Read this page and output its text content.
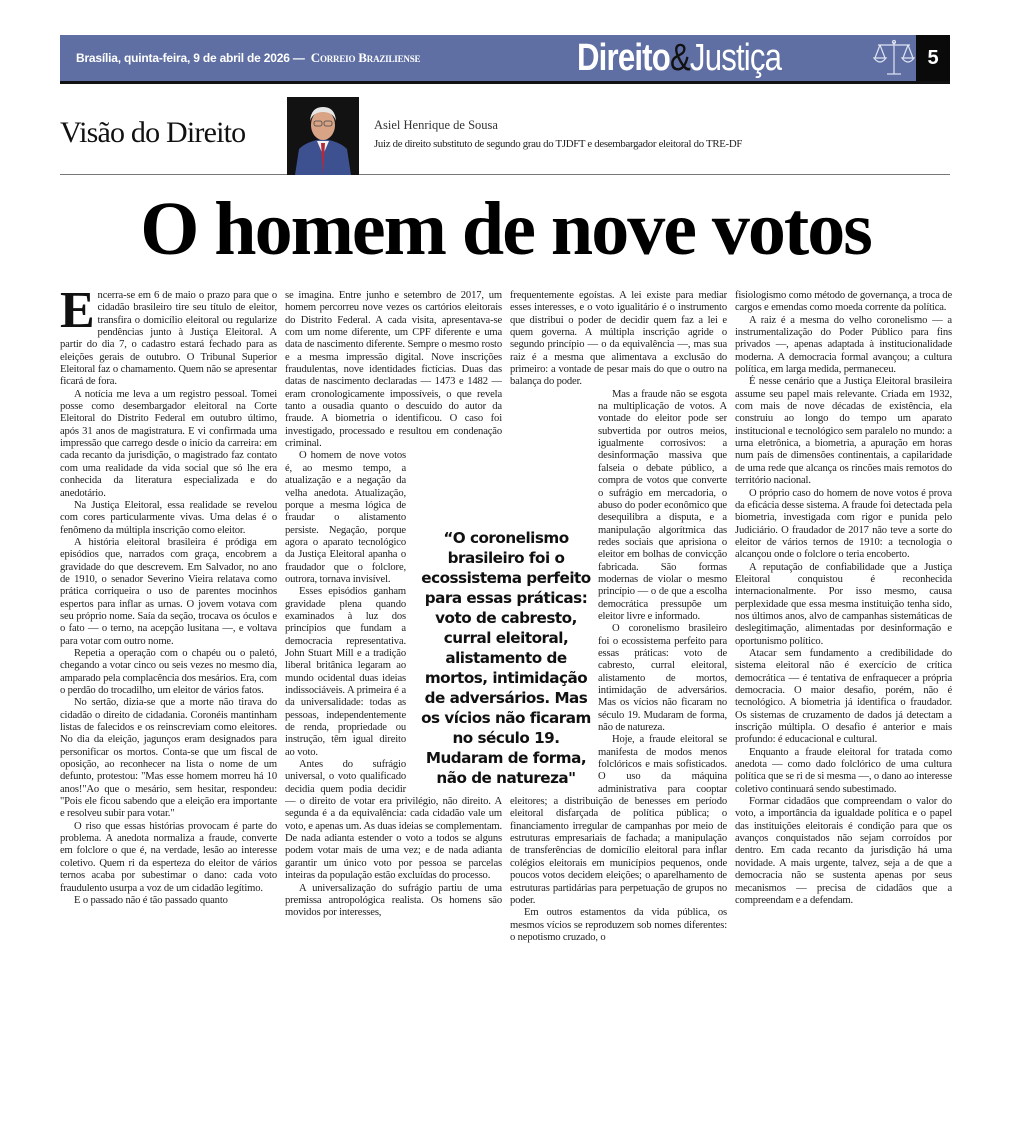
Brasília, quinta-feira, 9 de abril de 2026 — Correio Braziliense	Direito&Justiça	5
Visão do Direito	Asiel Henrique de Sousa
Juiz de direito substituto de segundo grau do TJDFT e desembargador eleitoral do TRE-DF
O homem de nove votos

Encerra-se em 6 de maio o prazo para que o cidadão brasileiro tire seu título de eleitor, transfira o domicílio eleitoral ou regularize pendências junto à Justiça Eleitoral. A partir do dia 7, o cadastro estará fechado para as eleições gerais de outubro. O Tribunal Superior Eleitoral faz o chamamento. Quem não se apresentar ficará de fora.

A notícia me leva a um registro pessoal. Tomei posse como desembargador eleitoral na Corte Eleitoral do Distrito Federal em outubro último, após 31 anos de magistratura. E vi confirmada uma impressão que carrego desde o início da carreira: em cada recanto da jurisdição, o magistrado faz contato com uma realidade da vida social que só lhe era conhecida da literatura especializada e do anedotário.

Na Justiça Eleitoral, essa realidade se revelou com cores particularmente vivas. Uma delas é o fenômeno da múltipla inscrição como eleitor.

A história eleitoral brasileira é pródiga em episódios que, narrados com graça, encobrem a gravidade do que descrevem. Em Salvador, no ano de 1910, o senador Severino Vieira relatava como prática corriqueira o uso de parentes mocinhos espertos para inflar as urnas. O jovem votava com seu próprio nome. Saía da seção, trocava os óculos e o fato — o terno, na acepção lusitana —, e voltava para votar com outro nome.

Repetia a operação com o chapéu ou o paletó, chegando a votar cinco ou seis vezes no mesmo dia, amparado pela complacência dos mesários. Era, com o perdão do trocadilho, um eleitor de vários fatos.

No sertão, dizia-se que a morte não tirava do cidadão o direito de cidadania. Coronéis mantinham listas de falecidos e os reinscreviam como eleitores. No dia da eleição, jagunços eram designados para personificar os mortos. Conta-se que um fiscal de oposição, ao reconhecer na lista o nome de um defunto, protestou: "Mas esse homem morreu há 10 anos!"Ao que o mesário, sem hesitar, respondeu: "Pois ele ficou sabendo que a eleição era importante e resolveu subir para votar."

O riso que essas histórias provocam é parte do problema. A anedota normaliza a fraude, converte em folclore o que é, na verdade, lesão ao interesse coletivo. Quem ri da esperteza do eleitor de vários ternos acaba por subestimar o dano: cada voto fraudulento usurpa a voz de um cidadão legítimo.

E o passado não é tão passado quanto

se imagina. Entre junho e setembro de 2017, um homem percorreu nove vezes os cartórios eleitorais do Distrito Federal. A cada visita, apresentava-se com um nome diferente, um CPF diferente e uma data de nascimento diferente. Sempre o mesmo rosto e a mesma impressão digital. Nove inscrições fraudulentas, nove identidades fictícias. Duas das datas de nascimento declaradas — 1473 e 1482 — eram cronologicamente impossíveis, o que revela tanto a ousadia quanto o descuido do autor da fraude. A biometria o identificou. O caso foi investigado, processado e resultou em condenação criminal.

O homem de nove votos é, ao mesmo tempo, a atualização e a negação da velha anedota. Atualização, porque a mesma lógica de fraudar o alistamento persiste. Negação, porque agora o aparato tecnológico da Justiça Eleitoral apanha o fraudador que o folclore, outrora, tornava invisível.

Esses episódios ganham gravidade plena quando examinados à luz dos princípios que fundam a democracia representativa. John Stuart Mill e a tradição liberal britânica legaram ao mundo ocidental duas ideias indissociáveis. A primeira é a da universalidade: todas as pessoas, independentemente de renda, propriedade ou instrução, têm igual direito ao voto.

Antes do sufrágio universal, o voto qualificado decidia quem podia decidir — o direito de votar era privilégio, não direito. A segunda é a da equivalência: cada cidadão vale um voto, e apenas um. As duas ideias se complementam. De nada adianta estender o voto a todos se alguns podem votar mais de uma vez; e de nada adianta garantir um único voto por pessoa se parcelas inteiras da população estão excluídas do processo.

A universalização do sufrágio partiu de uma premissa antropológica realista. Os homens são movidos por interesses,

frequentemente egoístas. A lei existe para mediar esses interesses, e o voto igualitário é o instrumento que distribui o poder de decidir quem faz a lei e quem governa. A múltipla inscrição agride o segundo princípio — o da equivalência —, mas sua raiz é a mesma que alimentava a exclusão do primeiro: a vontade de pesar mais do que o outro na balança do poder.

Mas a fraude não se esgota na multiplicação de votos. A vontade do eleitor pode ser subvertida por outros meios, igualmente corrosivos: a desinformação massiva que falseia o debate público, a compra de votos que converte o sufrágio em mercadoria, o abuso do poder econômico que desequilibra a disputa, e a manipulação algorítmica das redes sociais que aprisiona o eleitor em bolhas de convicção fabricada. São formas modernas de violar o mesmo princípio — o de que a escolha democrática pressupõe um eleitor livre e informado.

O coronelismo brasileiro foi o ecossistema perfeito para essas práticas: voto de cabresto, curral eleitoral, alistamento de mortos, intimidação de adversários. Mas os vícios não ficaram no século 19. Mudaram de forma, não de natureza.

Hoje, a fraude eleitoral se manifesta de modos menos folclóricos e mais sofisticados. O uso da máquina administrativa para cooptar eleitores; a distribuição de benesses em período eleitoral disfarçada de política pública; o financiamento irregular de campanhas por meio de estruturas empresariais de fachada; a manipulação de transferências de domicílio eleitoral para inflar colégios eleitorais em municípios pequenos, onde poucos votos decidem eleições; o aparelhamento de estruturas partidárias para perpetuação de grupos no poder.

Em outros estamentos da vida pública, os mesmos vícios se reproduzem sob nomes diferentes: o nepotismo cruzado, o

fisiologismo como método de governança, a troca de cargos e emendas como moeda corrente da política.

A raiz é a mesma do velho coronelismo — a instrumentalização do Poder Público para fins privados —, apenas adaptada à institucionalidade moderna. A democracia formal avançou; a cultura política, em larga medida, permaneceu.

É nesse cenário que a Justiça Eleitoral brasileira assume seu papel mais relevante. Criada em 1932, com mais de nove décadas de existência, ela construiu ao longo do tempo um aparato institucional e tecnológico sem paralelo no mundo: a urna eletrônica, a biometria, a apuração em horas num país de dimensões continentais, a capilaridade de uma rede que alcança os rincões mais remotos do território nacional.

O próprio caso do homem de nove votos é prova da eficácia desse sistema. A fraude foi detectada pela biometria, investigada com rigor e punida pelo Judiciário. O fraudador de 2017 não teve a sorte do eleitor de vários ternos de 1910: a tecnologia o alcançou onde o folclore o teria encoberto.

A reputação de confiabilidade que a Justiça Eleitoral conquistou é reconhecida internacionalmente. Por isso mesmo, causa perplexidade que essa mesma instituição tenha sido, nos últimos anos, alvo de campanhas sistemáticas de deslegitimação, alimentadas por desinformação e oportunismo político.

Atacar sem fundamento a credibilidade do sistema eleitoral não é exercício de crítica democrática — é tentativa de enfraquecer a própria democracia. O maior desafio, porém, não é tecnológico. A biometria já identifica o fraudador. Os sistemas de cruzamento de dados já detectam a inscrição múltipla. O desafio é anterior e mais profundo: é educacional e cultural.

Enquanto a fraude eleitoral for tratada como anedota — como dado folclórico de uma cultura política que se ri de si mesma —, o dano ao interesse coletivo continuará sendo subestimado.

Formar cidadãos que compreendam o valor do voto, a importância da igualdade política e o papel das instituições eleitorais é condição para que os avanços conquistados não sejam corroídos por dentro. Em cada recanto da jurisdição há uma novidade. A mais urgente, talvez, seja a de que a democracia não se sustenta apenas por seus mecanismos — precisa de cidadãos que a compreendam e a defendam.

“O coronelismo brasileiro foi o ecossistema perfeito para essas práticas: voto de cabresto, curral eleitoral, alistamento de mortos, intimidação de adversários. Mas os vícios não ficaram no século 19. Mudaram de forma, não de natureza"
